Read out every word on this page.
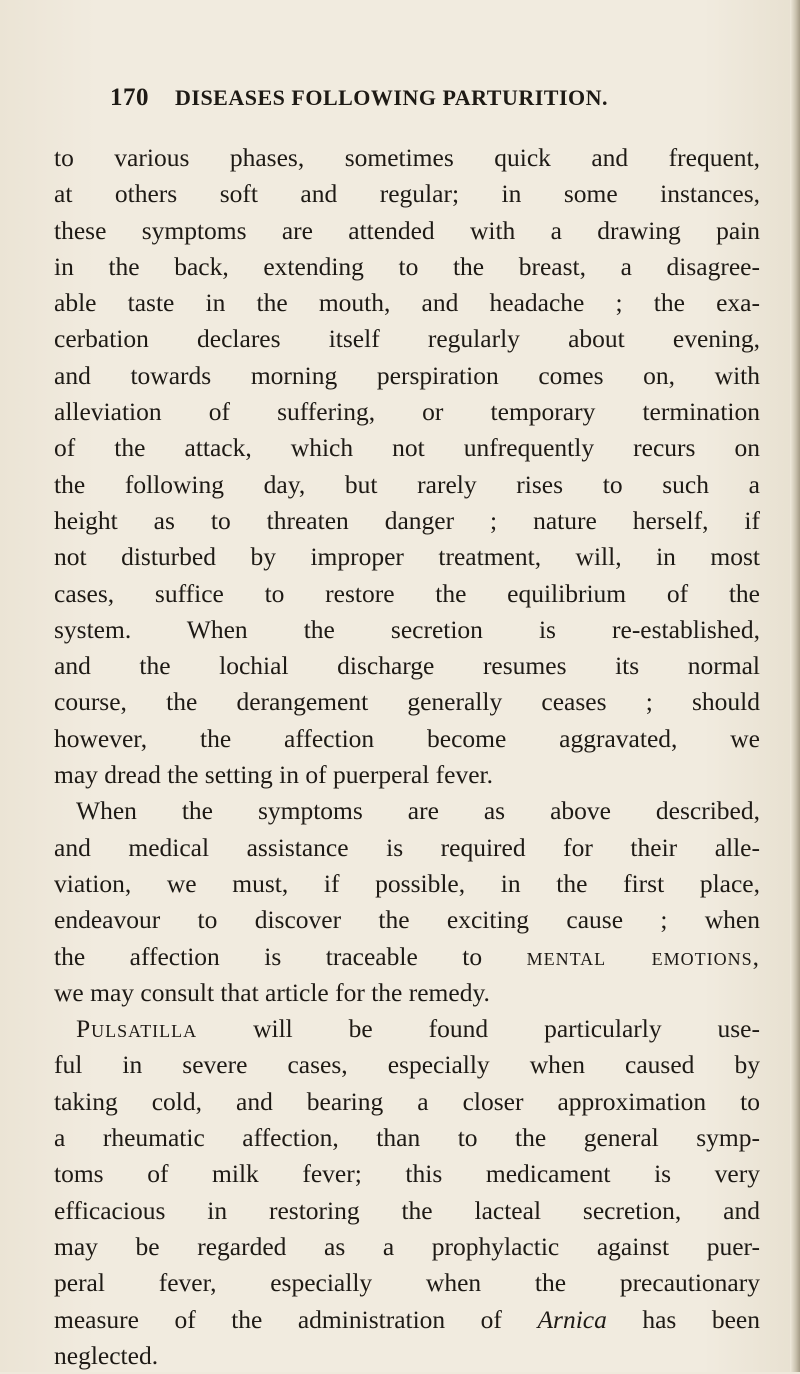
170 DISEASES FOLLOWING PARTURITION.
to various phases, sometimes quick and frequent,
at others soft and regular; in some instances,
these symptoms are attended with a drawing pain
in the back, extending to the breast, a disagree-
able taste in the mouth, and headache ; the exa-
cerbation declares itself regularly about evening,
and towards morning perspiration comes on, with
alleviation of suffering, or temporary termination
of the attack, which not unfrequently recurs on
the following day, but rarely rises to such a
height as to threaten danger ; nature herself, if
not disturbed by improper treatment, will, in most
cases, suffice to restore the equilibrium of the
system. When the secretion is re-established,
and the lochial discharge resumes its normal
course, the derangement generally ceases ; should
however, the affection become aggravated, we
may dread the setting in of puerperal fever.
When the symptoms are as above described,
and medical assistance is required for their alle-
viation, we must, if possible, in the first place,
endeavour to discover the exciting cause ; when
the affection is traceable to mental emotions,
we may consult that article for the remedy.
Pulsatilla will be found particularly use-
ful in severe cases, especially when caused by
taking cold, and bearing a closer approximation to
a rheumatic affection, than to the general symp-
toms of milk fever; this medicament is very
efficacious in restoring the lacteal secretion, and
may be regarded as a prophylactic against puer-
peral fever, especially when the precautionary
measure of the administration of Arnica has been
neglected.
